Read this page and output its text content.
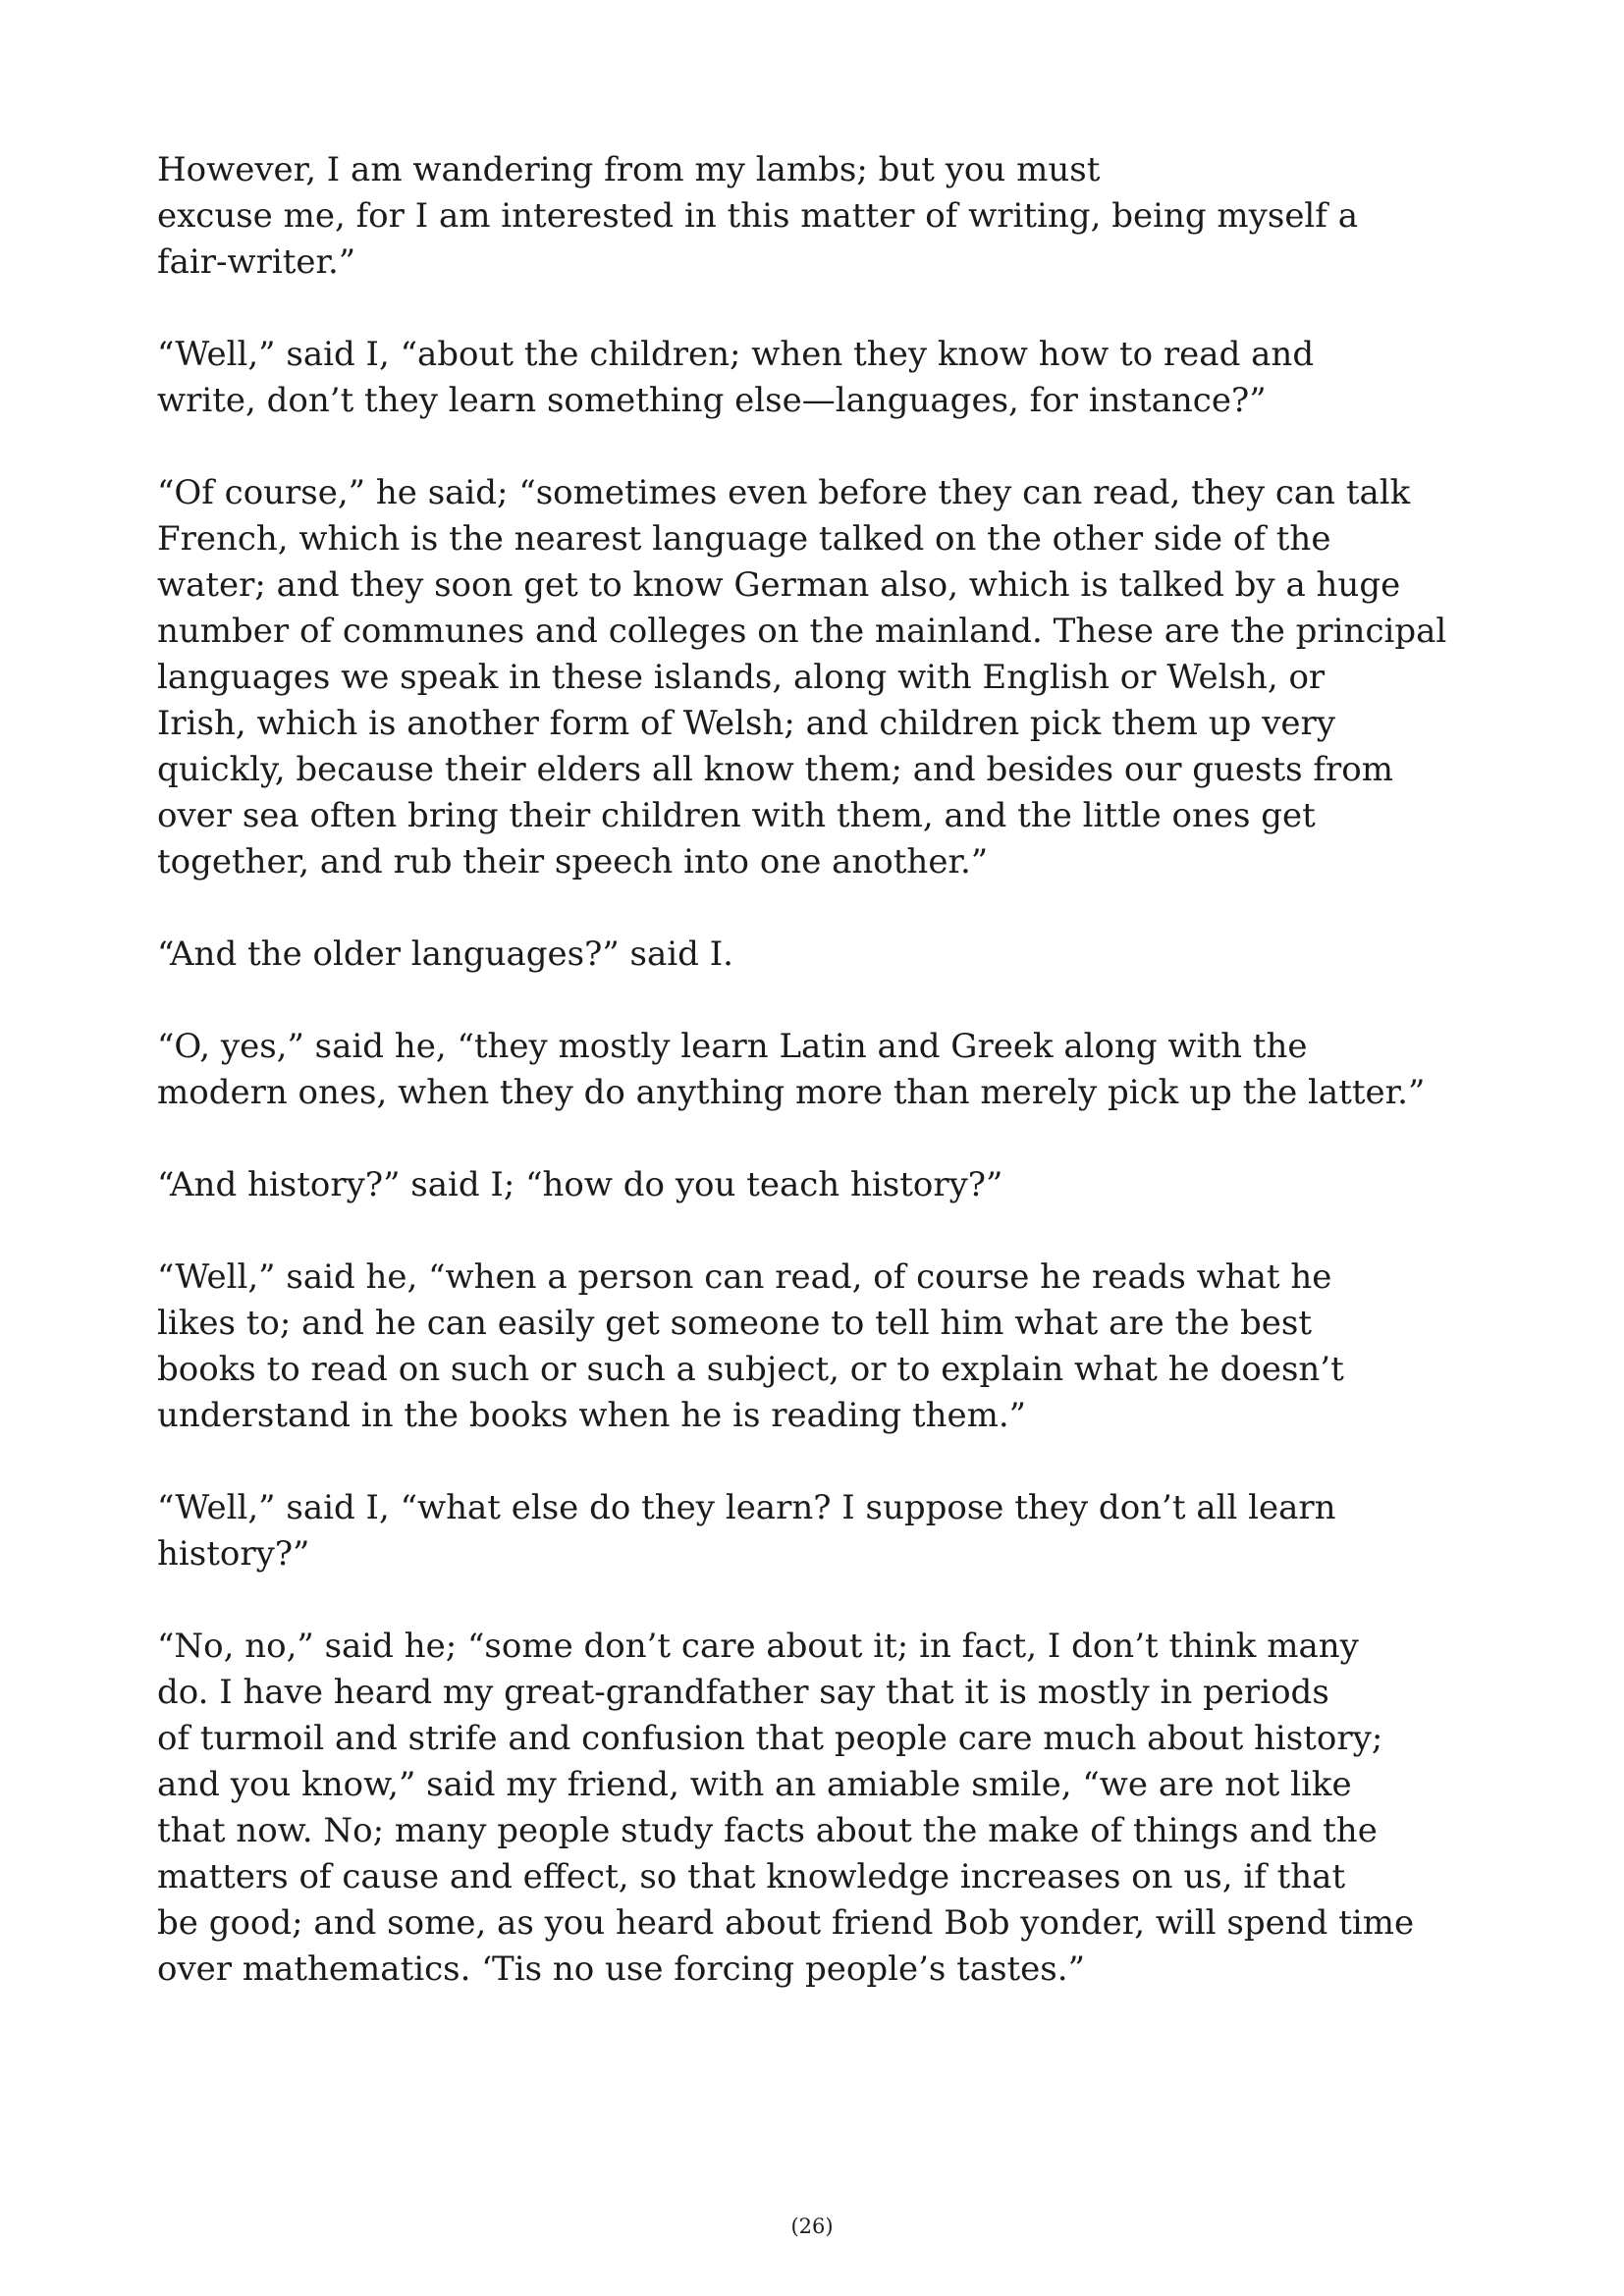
However, I am wandering from my lambs; but you must
excuse me, for I am interested in this matter of writing, being myself a
fair-writer.”

“Well,” said I, “about the children; when they know how to read and
write, don’t they learn something else—languages, for instance?”

“Of course,” he said; “sometimes even before they can read, they can talk
French, which is the nearest language talked on the other side of the
water; and they soon get to know German also, which is talked by a huge
number of communes and colleges on the mainland. These are the principal
languages we speak in these islands, along with English or Welsh, or
Irish, which is another form of Welsh; and children pick them up very
quickly, because their elders all know them; and besides our guests from
over sea often bring their children with them, and the little ones get
together, and rub their speech into one another.”

“And the older languages?” said I.

“O, yes,” said he, “they mostly learn Latin and Greek along with the
modern ones, when they do anything more than merely pick up the latter.”

“And history?” said I; “how do you teach history?”

“Well,” said he, “when a person can read, of course he reads what he
likes to; and he can easily get someone to tell him what are the best
books to read on such or such a subject, or to explain what he doesn’t
understand in the books when he is reading them.”

“Well,” said I, “what else do they learn? I suppose they don’t all learn
history?”

“No, no,” said he; “some don’t care about it; in fact, I don’t think many
do. I have heard my great-grandfather say that it is mostly in periods
of turmoil and strife and confusion that people care much about history;
and you know,” said my friend, with an amiable smile, “we are not like
that now. No; many people study facts about the make of things and the
matters of cause and effect, so that knowledge increases on us, if that
be good; and some, as you heard about friend Bob yonder, will spend time
over mathematics. ‘Tis no use forcing people’s tastes.”

(26)
